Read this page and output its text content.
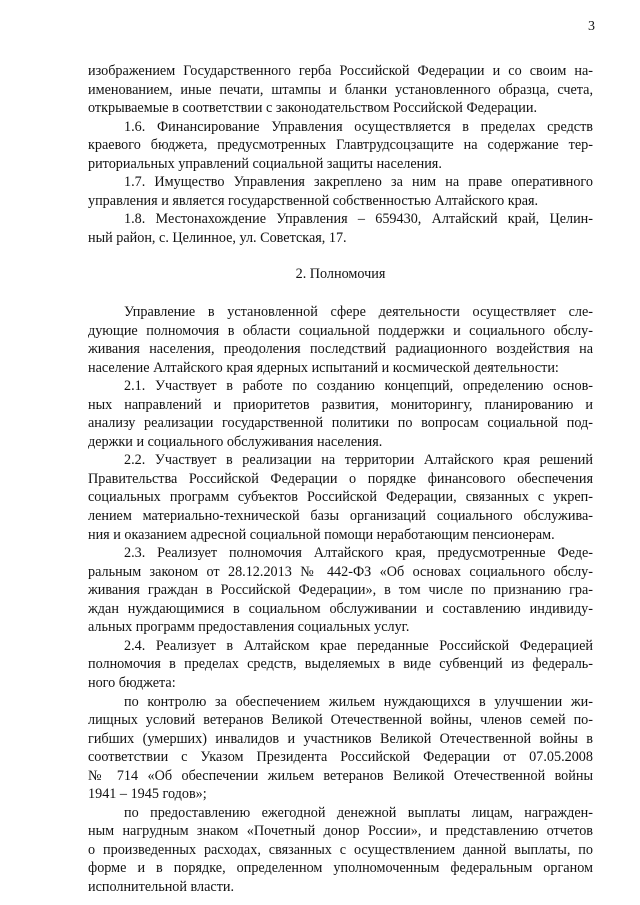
3

изображением Государственного герба Российской Федерации и со своим на-
именованием, иные печати, штампы и бланки установленного образца, счета,
открываемые в соответствии с законодательством Российской Федерации.

1.6. Финансирование Управления осуществляется в пределах средств
краевого бюджета, предусмотренных Главтрудсоцзащите на содержание тер-
риториальных управлений социальной защиты населения.

1.7. Имущество Управления закреплено за ним на праве оперативного
управления и является государственной собственностью Алтайского края.

1.8. Местонахождение Управления – 659430, Алтайский край, Целин-
ный район, с. Целинное, ул. Советская, 17.

2. Полномочия

Управление в установленной сфере деятельности осуществляет сле-
дующие полномочия в области социальной поддержки и социального обслу-
живания населения, преодоления последствий радиационного воздействия на
население Алтайского края ядерных испытаний и космической деятельности:

2.1. Участвует в работе по созданию концепций, определению основ-
ных направлений и приоритетов развития, мониторингу, планированию и
анализу реализации государственной политики по вопросам социальной под-
держки и социального обслуживания населения.

2.2. Участвует в реализации на территории Алтайского края решений
Правительства Российской Федерации о порядке финансового обеспечения
социальных программ субъектов Российской Федерации, связанных с укреп-
лением материально-технической базы организаций социального обслужива-
ния и оказанием адресной социальной помощи неработающим пенсионерам.

2.3. Реализует полномочия Алтайского края, предусмотренные Феде-
ральным законом от 28.12.2013 № 442-ФЗ «Об основах социального обслу-
живания граждан в Российской Федерации», в том числе по признанию гра-
ждан нуждающимися в социальном обслуживании и составлению индивиду-
альных программ предоставления социальных услуг.

2.4. Реализует в Алтайском крае переданные Российской Федерацией
полномочия в пределах средств, выделяемых в виде субвенций из федераль-
ного бюджета:

по контролю за обеспечением жильем нуждающихся в улучшении жи-
лищных условий ветеранов Великой Отечественной войны, членов семей по-
гибших (умерших) инвалидов и участников Великой Отечественной войны в
соответствии с Указом Президента Российской Федерации от 07.05.2008
№ 714 «Об обеспечении жильем ветеранов Великой Отечественной войны
1941 – 1945 годов»;

по предоставлению ежегодной денежной выплаты лицам, награжден-
ным нагрудным знаком «Почетный донор России», и представлению отчетов
о произведенных расходах, связанных с осуществлением данной выплаты, по
форме и в порядке, определенном уполномоченным федеральным органом
исполнительной власти.
